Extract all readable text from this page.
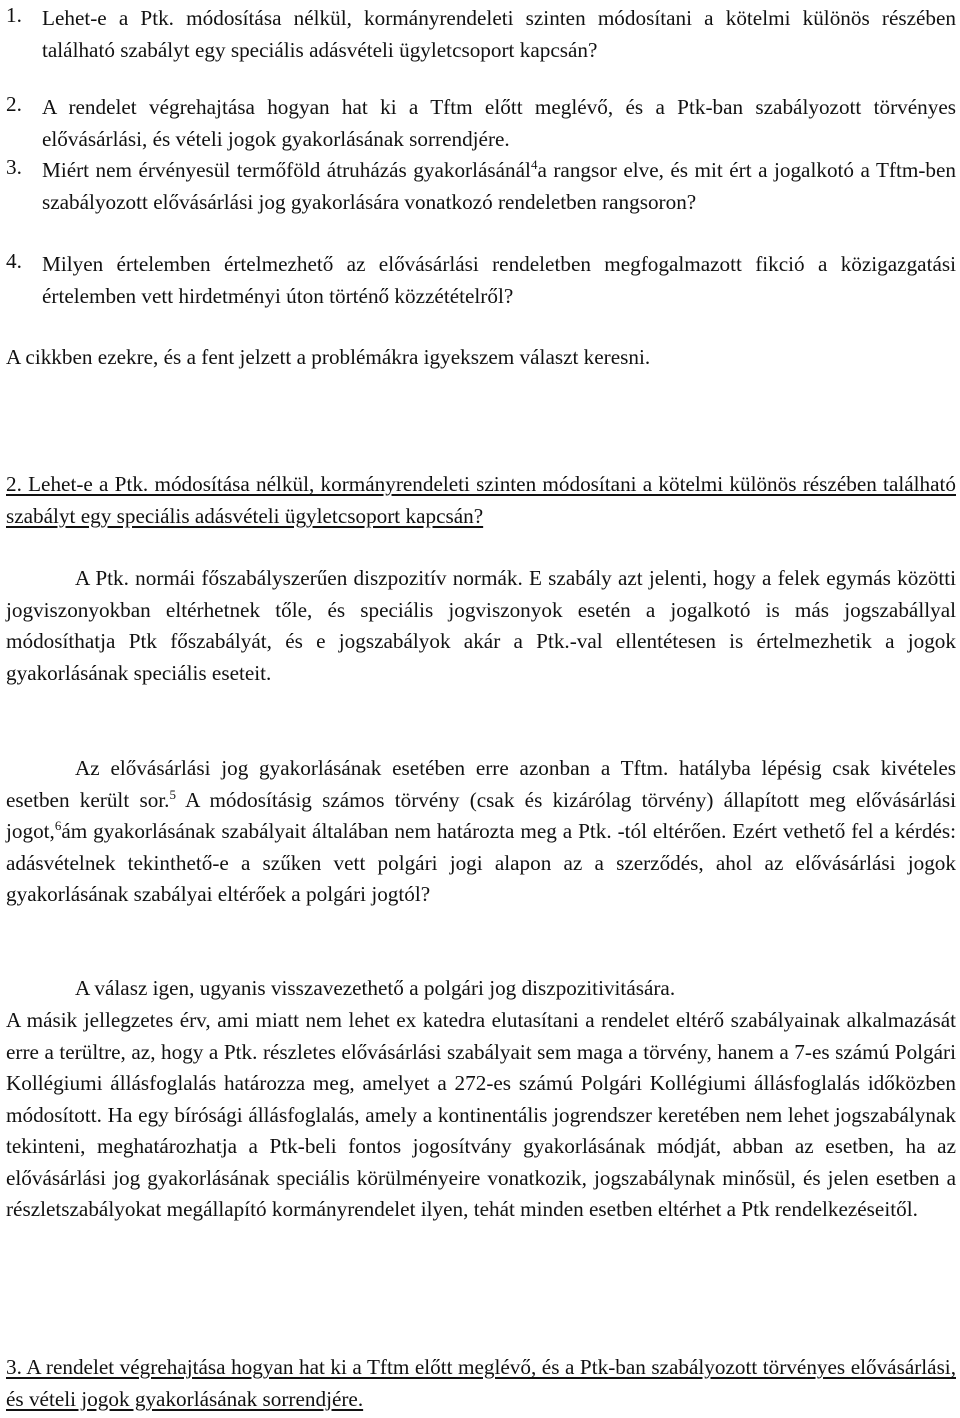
1. Lehet-e a Ptk. módosítása nélkül, kormányrendeleti szinten módosítani a kötelmi különös részében található szabályt egy speciális adásvételi ügyletcsoport kapcsán?
2. A rendelet végrehajtása hogyan hat ki a Tftm előtt meglévő, és a Ptk-ban szabályozott törvényes elővásárlási, és vételi jogok gyakorlásának sorrendjére.
3. Miért nem érvényesül termőföld átruházás gyakorlásánál$^4$a rangsor elve, és mit ért a jogalkotó a Tftm-ben szabályozott elővásárlási jog gyakorlására vonatkozó rendeletben rangsoron?
4. Milyen értelemben értelmezhető az elővásárlási rendeletben megfogalmazott fikció a közigazgatási értelemben vett hirdetményi úton történő közzétételről?
A cikkben ezekre, és a fent jelzett a problémákra igyekszem választ keresni.
2. Lehet-e a Ptk. módosítása nélkül, kormányrendeleti szinten módosítani a kötelmi különös részében található szabályt egy speciális adásvételi ügyletcsoport kapcsán?
A Ptk. normái főszabályszerűen diszpozitív normák. E szabály azt jelenti, hogy a felek egymás közötti jogviszonyokban eltérhetnek tőle, és speciális jogviszonyok esetén a jogalkotó is más jogszabállyal módosíthatja Ptk főszabályát, és e jogszabályok akár a Ptk.-val ellentétesen is értelmezhetik a jogok gyakorlásának speciális eseteit.
Az elővásárlási jog gyakorlásának esetében erre azonban a Tftm. hatályba lépésig csak kivételes esetben került sor.$^5$ A módosításig számos törvény (csak és kizárólag törvény) állapított meg elővásárlási jogot,$^6$ám gyakorlásának szabályait általában nem határozta meg a Ptk. -tól eltérően. Ezért vethető fel a kérdés: adásvételnek tekinthető-e a szűken vett polgári jogi alapon az a szerződés, ahol az elővásárlási jogok gyakorlásának szabályai eltérőek a polgári jogtól?
A válasz igen, ugyanis visszavezethető a polgári jog diszpozitivitására.
A másik jellegzetes érv, ami miatt nem lehet ex katedra elutasítani a rendelet eltérő szabályainak alkalmazását erre a terültre, az, hogy a Ptk. részletes elővásárlási szabályait sem maga a törvény, hanem a 7-es számú Polgári Kollégiumi állásfoglalás határozza meg, amelyet a 272-es számú Polgári Kollégiumi állásfoglalás időközben módosított. Ha egy bírósági állásfoglalás, amely a kontinentális jogrendszer keretében nem lehet jogszabálynak tekinteni, meghatározhatja a Ptk-beli fontos jogosítvány gyakorlásának módját, abban az esetben, ha az elővásárlási jog gyakorlásának speciális körülményeire vonatkozik, jogszabálynak minősül, és jelen esetben a részletszabályokat megállapító kormányrendelet ilyen, tehát minden esetben eltérhet a Ptk rendelkezéseitől.
3. A rendelet végrehajtása hogyan hat ki a Tftm előtt meglévő, és a Ptk-ban szabályozott törvényes elővásárlási, és vételi jogok gyakorlásának sorrendjére.
